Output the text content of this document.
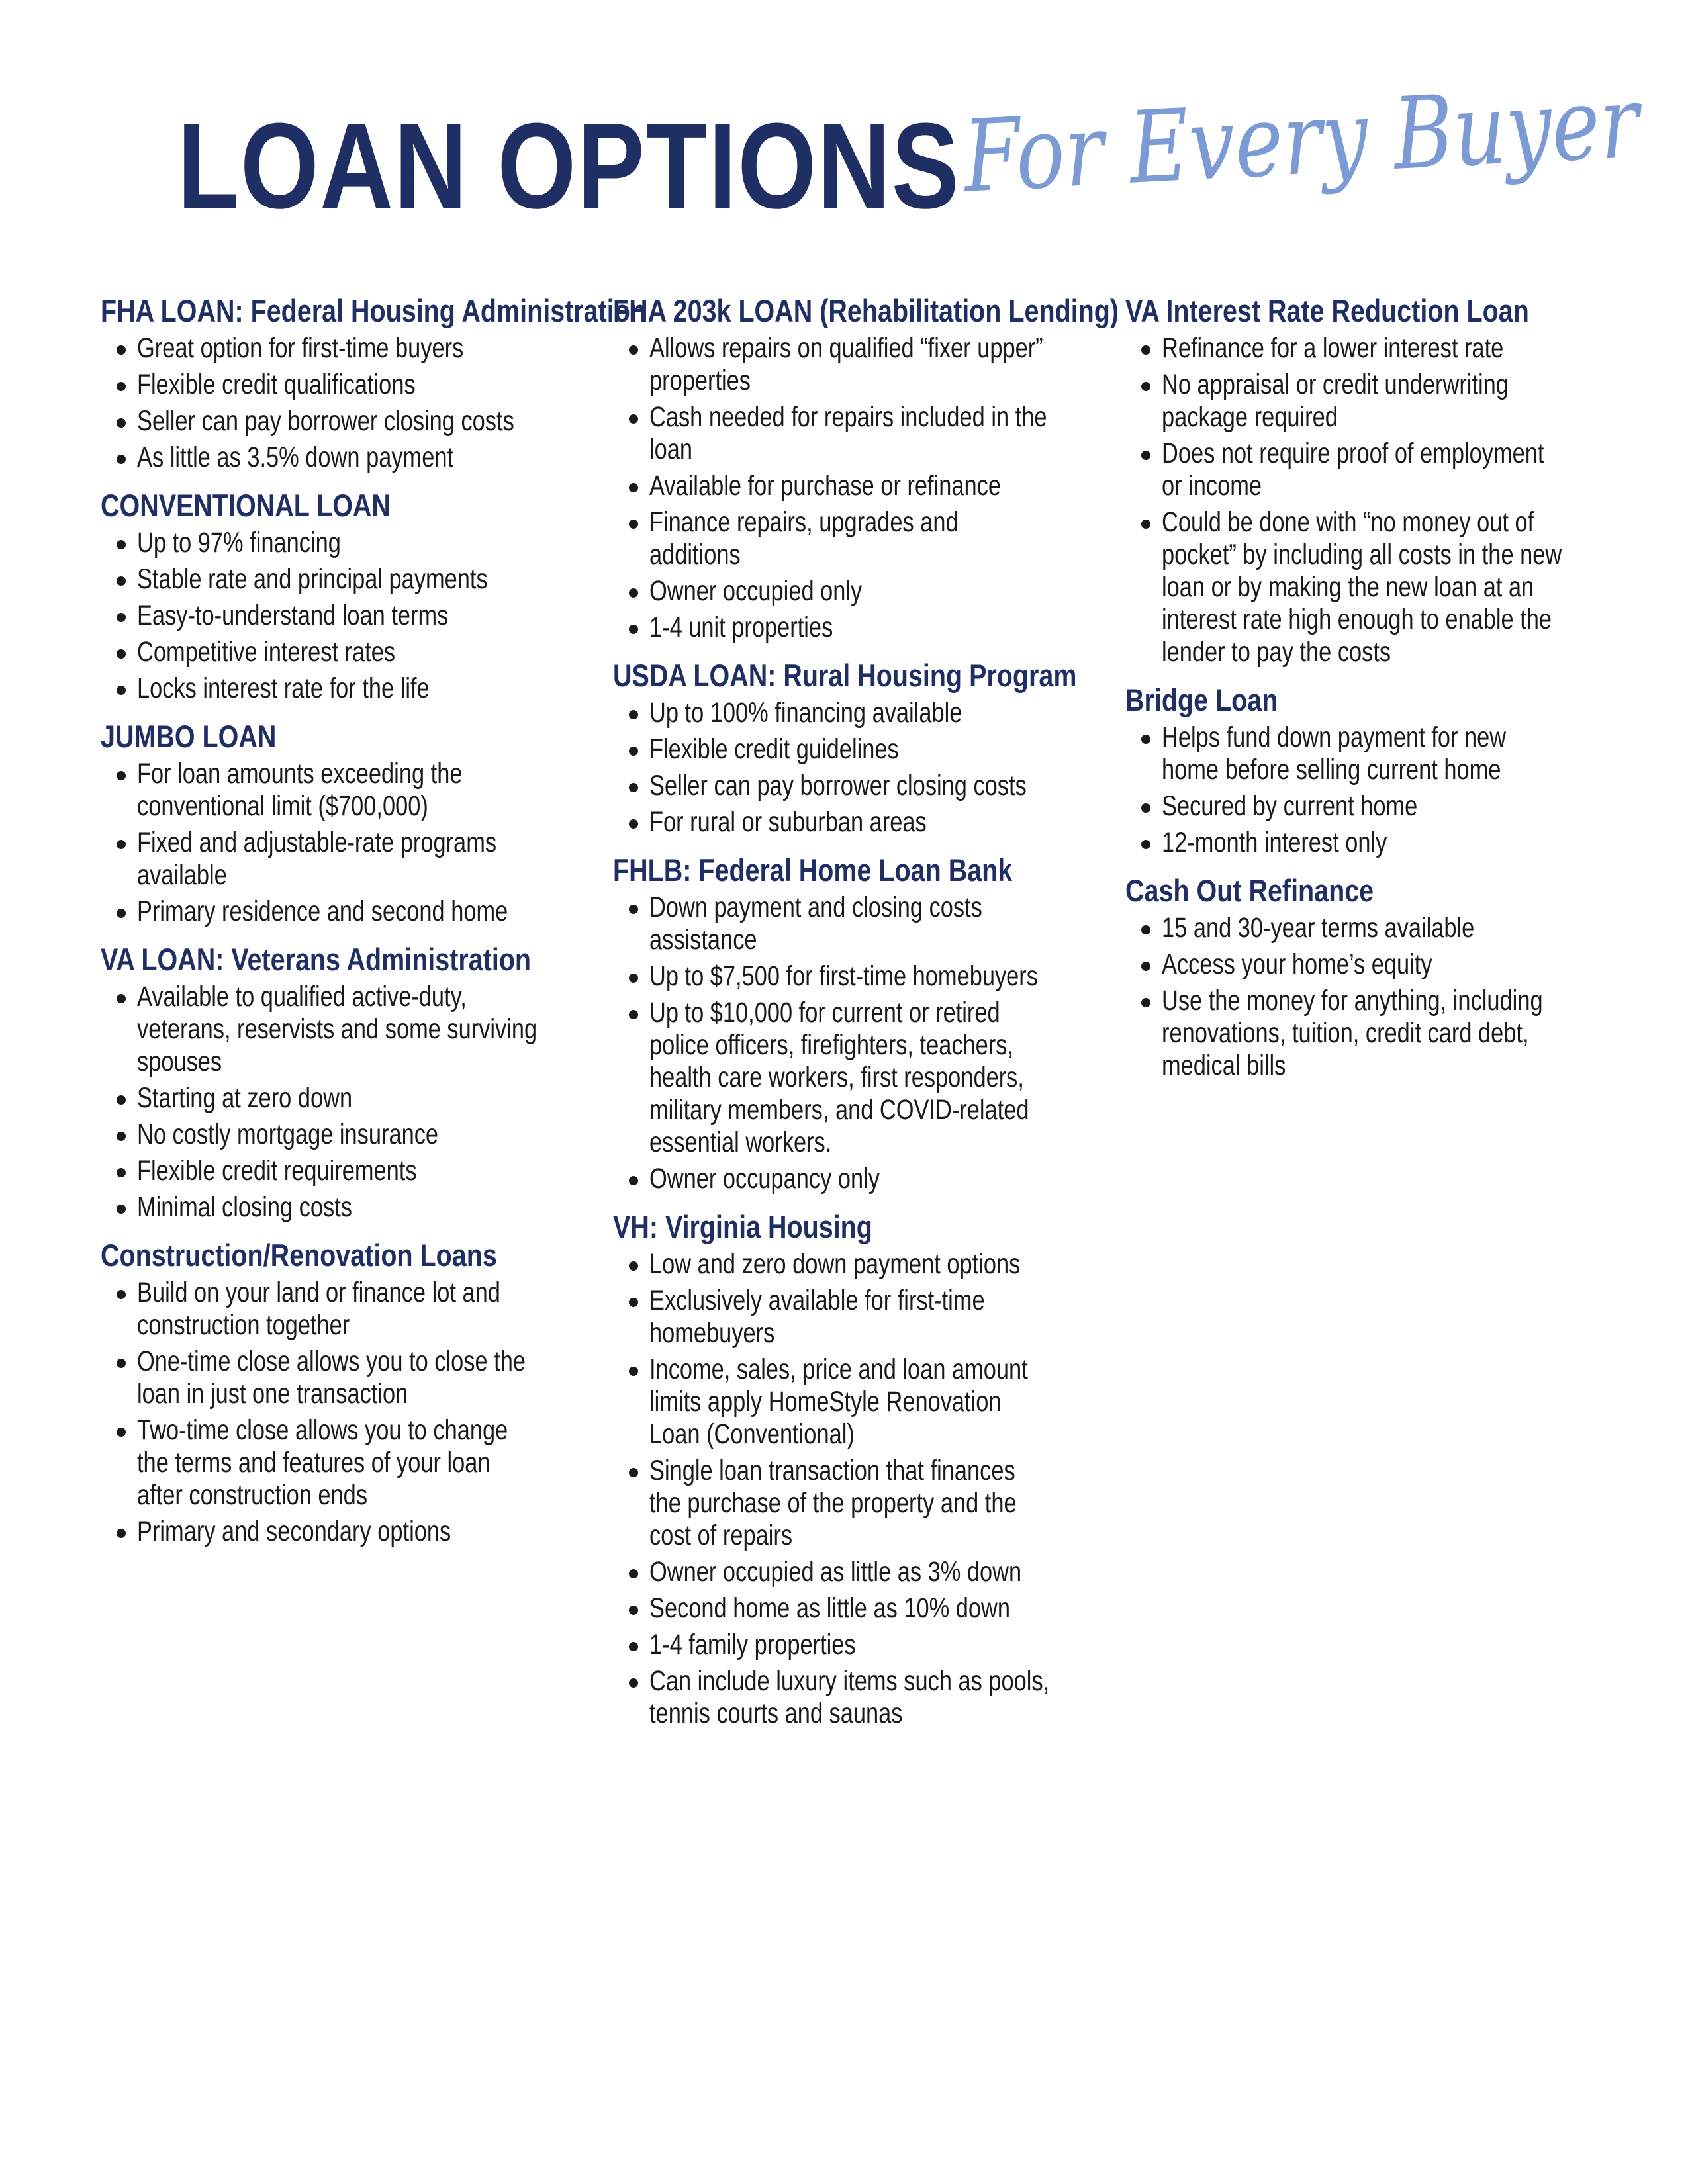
LOAN OPTIONS For Every Buyer
FHA LOAN: Federal Housing Administration
Great option for first-time buyers
Flexible credit qualifications
Seller can pay borrower closing costs
As little as 3.5% down payment
CONVENTIONAL LOAN
Up to 97% financing
Stable rate and principal payments
Easy-to-understand loan terms
Competitive interest rates
Locks interest rate for the life
JUMBO LOAN
For loan amounts exceeding the conventional limit ($700,000)
Fixed and adjustable-rate programs available
Primary residence and second home
VA LOAN: Veterans Administration
Available to qualified active-duty, veterans, reservists and some surviving spouses
Starting at zero down
No costly mortgage insurance
Flexible credit requirements
Minimal closing costs
Construction/Renovation Loans
Build on your land or finance lot and construction together
One-time close allows you to close the loan in just one transaction
Two-time close allows you to change the terms and features of your loan after construction ends
Primary and secondary options
FHA 203k LOAN (Rehabilitation Lending)
Allows repairs on qualified “fixer upper” properties
Cash needed for repairs included in the loan
Available for purchase or refinance
Finance repairs, upgrades and additions
Owner occupied only
1-4 unit properties
USDA LOAN: Rural Housing Program
Up to 100% financing available
Flexible credit guidelines
Seller can pay borrower closing costs
For rural or suburban areas
FHLB: Federal Home Loan Bank
Down payment and closing costs assistance
Up to $7,500 for first-time homebuyers
Up to $10,000 for current or retired police officers, firefighters, teachers, health care workers, first responders, military members, and COVID-related essential workers.
Owner occupancy only
VH: Virginia Housing
Low and zero down payment options
Exclusively available for first-time homebuyers
Income, sales, price and loan amount limits apply HomeStyle Renovation Loan (Conventional)
Single loan transaction that finances the purchase of the property and the cost of repairs
Owner occupied as little as 3% down
Second home as little as 10% down
1-4 family properties
Can include luxury items such as pools, tennis courts and saunas
VA Interest Rate Reduction Loan
Refinance for a lower interest rate
No appraisal or credit underwriting package required
Does not require proof of employment or income
Could be done with “no money out of pocket” by including all costs in the new loan or by making the new loan at an interest rate high enough to enable the lender to pay the costs
Bridge Loan
Helps fund down payment for new home before selling current home
Secured by current home
12-month interest only
Cash Out Refinance
15 and 30-year terms available
Access your home’s equity
Use the money for anything, including renovations, tuition, credit card debt, medical bills
